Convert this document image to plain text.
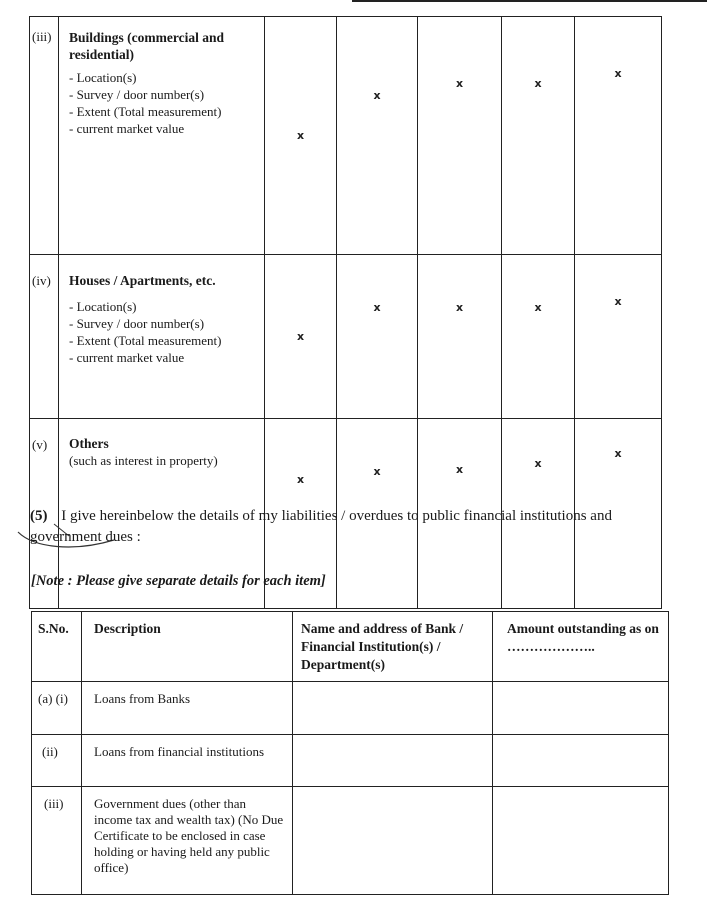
(iii)	Buildings (commercial and residential)
- Location(s)
- Survey / door number(s)
- Extent (Total measurement)
- current market value	x	x	x	x	x
(iv)	Houses / Apartments, etc.
- Location(s)
- Survey / door number(s)
- Extent (Total measurement)
- current market value	x	x	x	x	x
(v)	Others
(such as interest in property)	x	x	x	x	x
(5) I give hereinbelow the details of my liabilities / overdues to public financial institutions and government dues :
[Note : Please give separate details for each item]
S.No.	Description	Name and address of Bank / Financial Institution(s) / Department(s)	Amount outstanding as on ………………..
(a) (i)	Loans from Banks		
(ii)	Loans from financial institutions		
(iii)	Government dues (other than income tax and wealth tax) (No Due Certificate to be enclosed in case holding or having held any public office)		
